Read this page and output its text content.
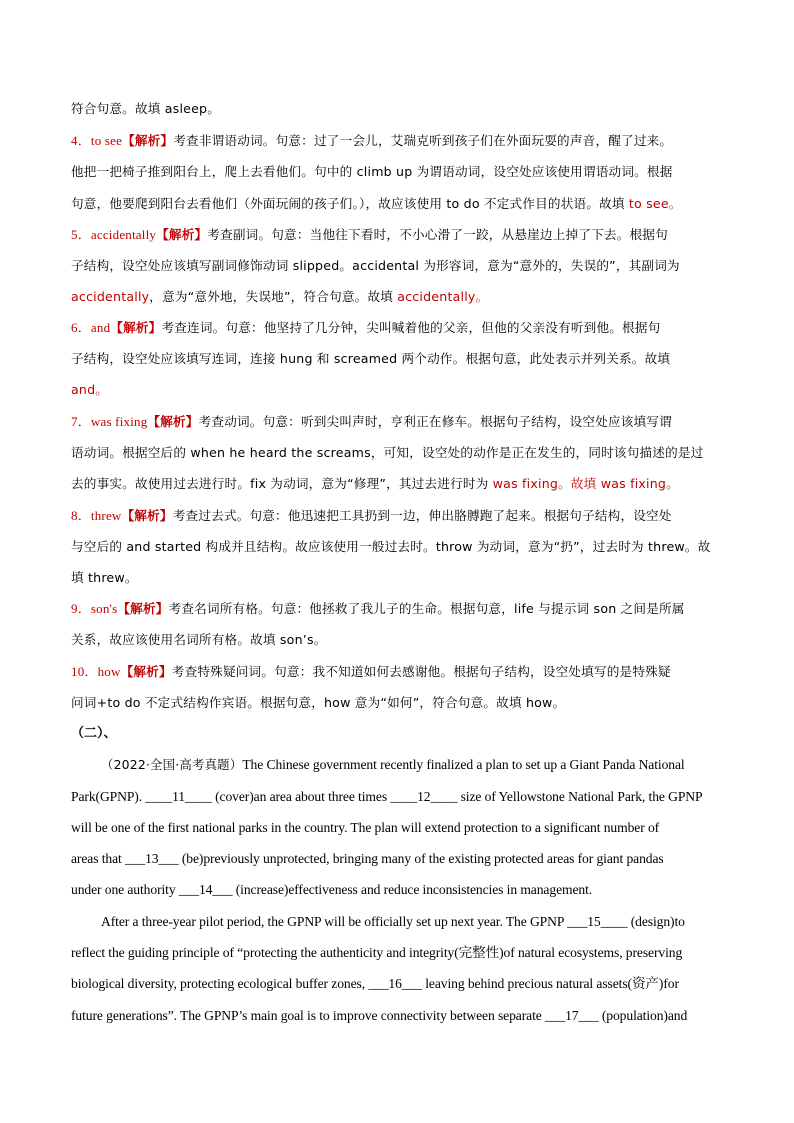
符合句意。故填 asleep。
4．to see【解析】考查非谓语动词。句意：过了一会儿，艾瑞克听到孩子们在外面玩耍的声音，醒了过来。
他把一把椅子推到阳台上，爬上去看他们。句中的 climb up 为谓语动词，设空处应该使用谓语动词。根据
句意，他要爬到阳台去看他们（外面玩闹的孩子们。），故应该使用 to do 不定式作目的状语。故填 to see。
5．accidentally【解析】考查副词。句意：当他往下看时，不小心滑了一跤，从悬崖边上掉了下去。根据句
子结构，设空处应该填写副词修饰动词 slipped。accidental 为形容词，意为“意外的，失误的”，其副词为
accidentally，意为“意外地，失误地”，符合句意。故填 accidentally。
6．and【解析】考查连词。句意：他坚持了几分钟，尖叫喊着他的父亲，但他的父亲没有听到他。根据句
子结构，设空处应该填写连词，连接 hung 和 screamed 两个动作。根据句意，此处表示并列关系。故填
and。
7．was fixing【解析】考查动词。句意：听到尖叫声时，亨利正在修车。根据句子结构，设空处应该填写谓
语动词。根据空后的 when he heard the screams，可知，设空处的动作是正在发生的，同时该句描述的是过
去的事实。故使用过去进行时。fix 为动词，意为“修理”，其过去进行时为 was fixing。故填 was fixing。
8．threw【解析】考查过去式。句意：他迅速把工具扔到一边，伸出胳膊跑了起来。根据句子结构，设空处
与空后的 and started 构成并且结构。故应该使用一般过去时。throw 为动词，意为“扔”，过去时为 threw。故
填 threw。
9．son's【解析】考查名词所有格。句意：他拯救了我儿子的生命。根据句意，life 与提示词 son 之间是所属
关系，故应该使用名词所有格。故填 son’s。
10．how【解析】考查特殊疑问词。句意：我不知道如何去感谢他。根据句子结构，设空处填写的是特殊疑
问词+to do 不定式结构作宾语。根据句意，how 意为“如何”，符合句意。故填 how。
（二）、
（2022·全国·高考真题）The Chinese government recently finalized a plan to set up a Giant Panda National
Park(GPNP). ____11____ (cover)an area about three times ____12____ size of Yellowstone National Park, the GPNP
will be one of the first national parks in the country. The plan will extend protection to a significant number of
areas that ___13___ (be)previously unprotected, bringing many of the existing protected areas for giant pandas
under one authority ___14___ (increase)effectiveness and reduce inconsistencies in management.
After a three-year pilot period, the GPNP will be officially set up next year. The GPNP ___15____ (design)to
reflect the guiding principle of “protecting the authenticity and integrity(完整性)of natural ecosystems, preserving
biological diversity, protecting ecological buffer zones, ___16___ leaving behind precious natural assets(资产)for
future generations”. The GPNP’s main goal is to improve connectivity between separate ___17___ (population)and
